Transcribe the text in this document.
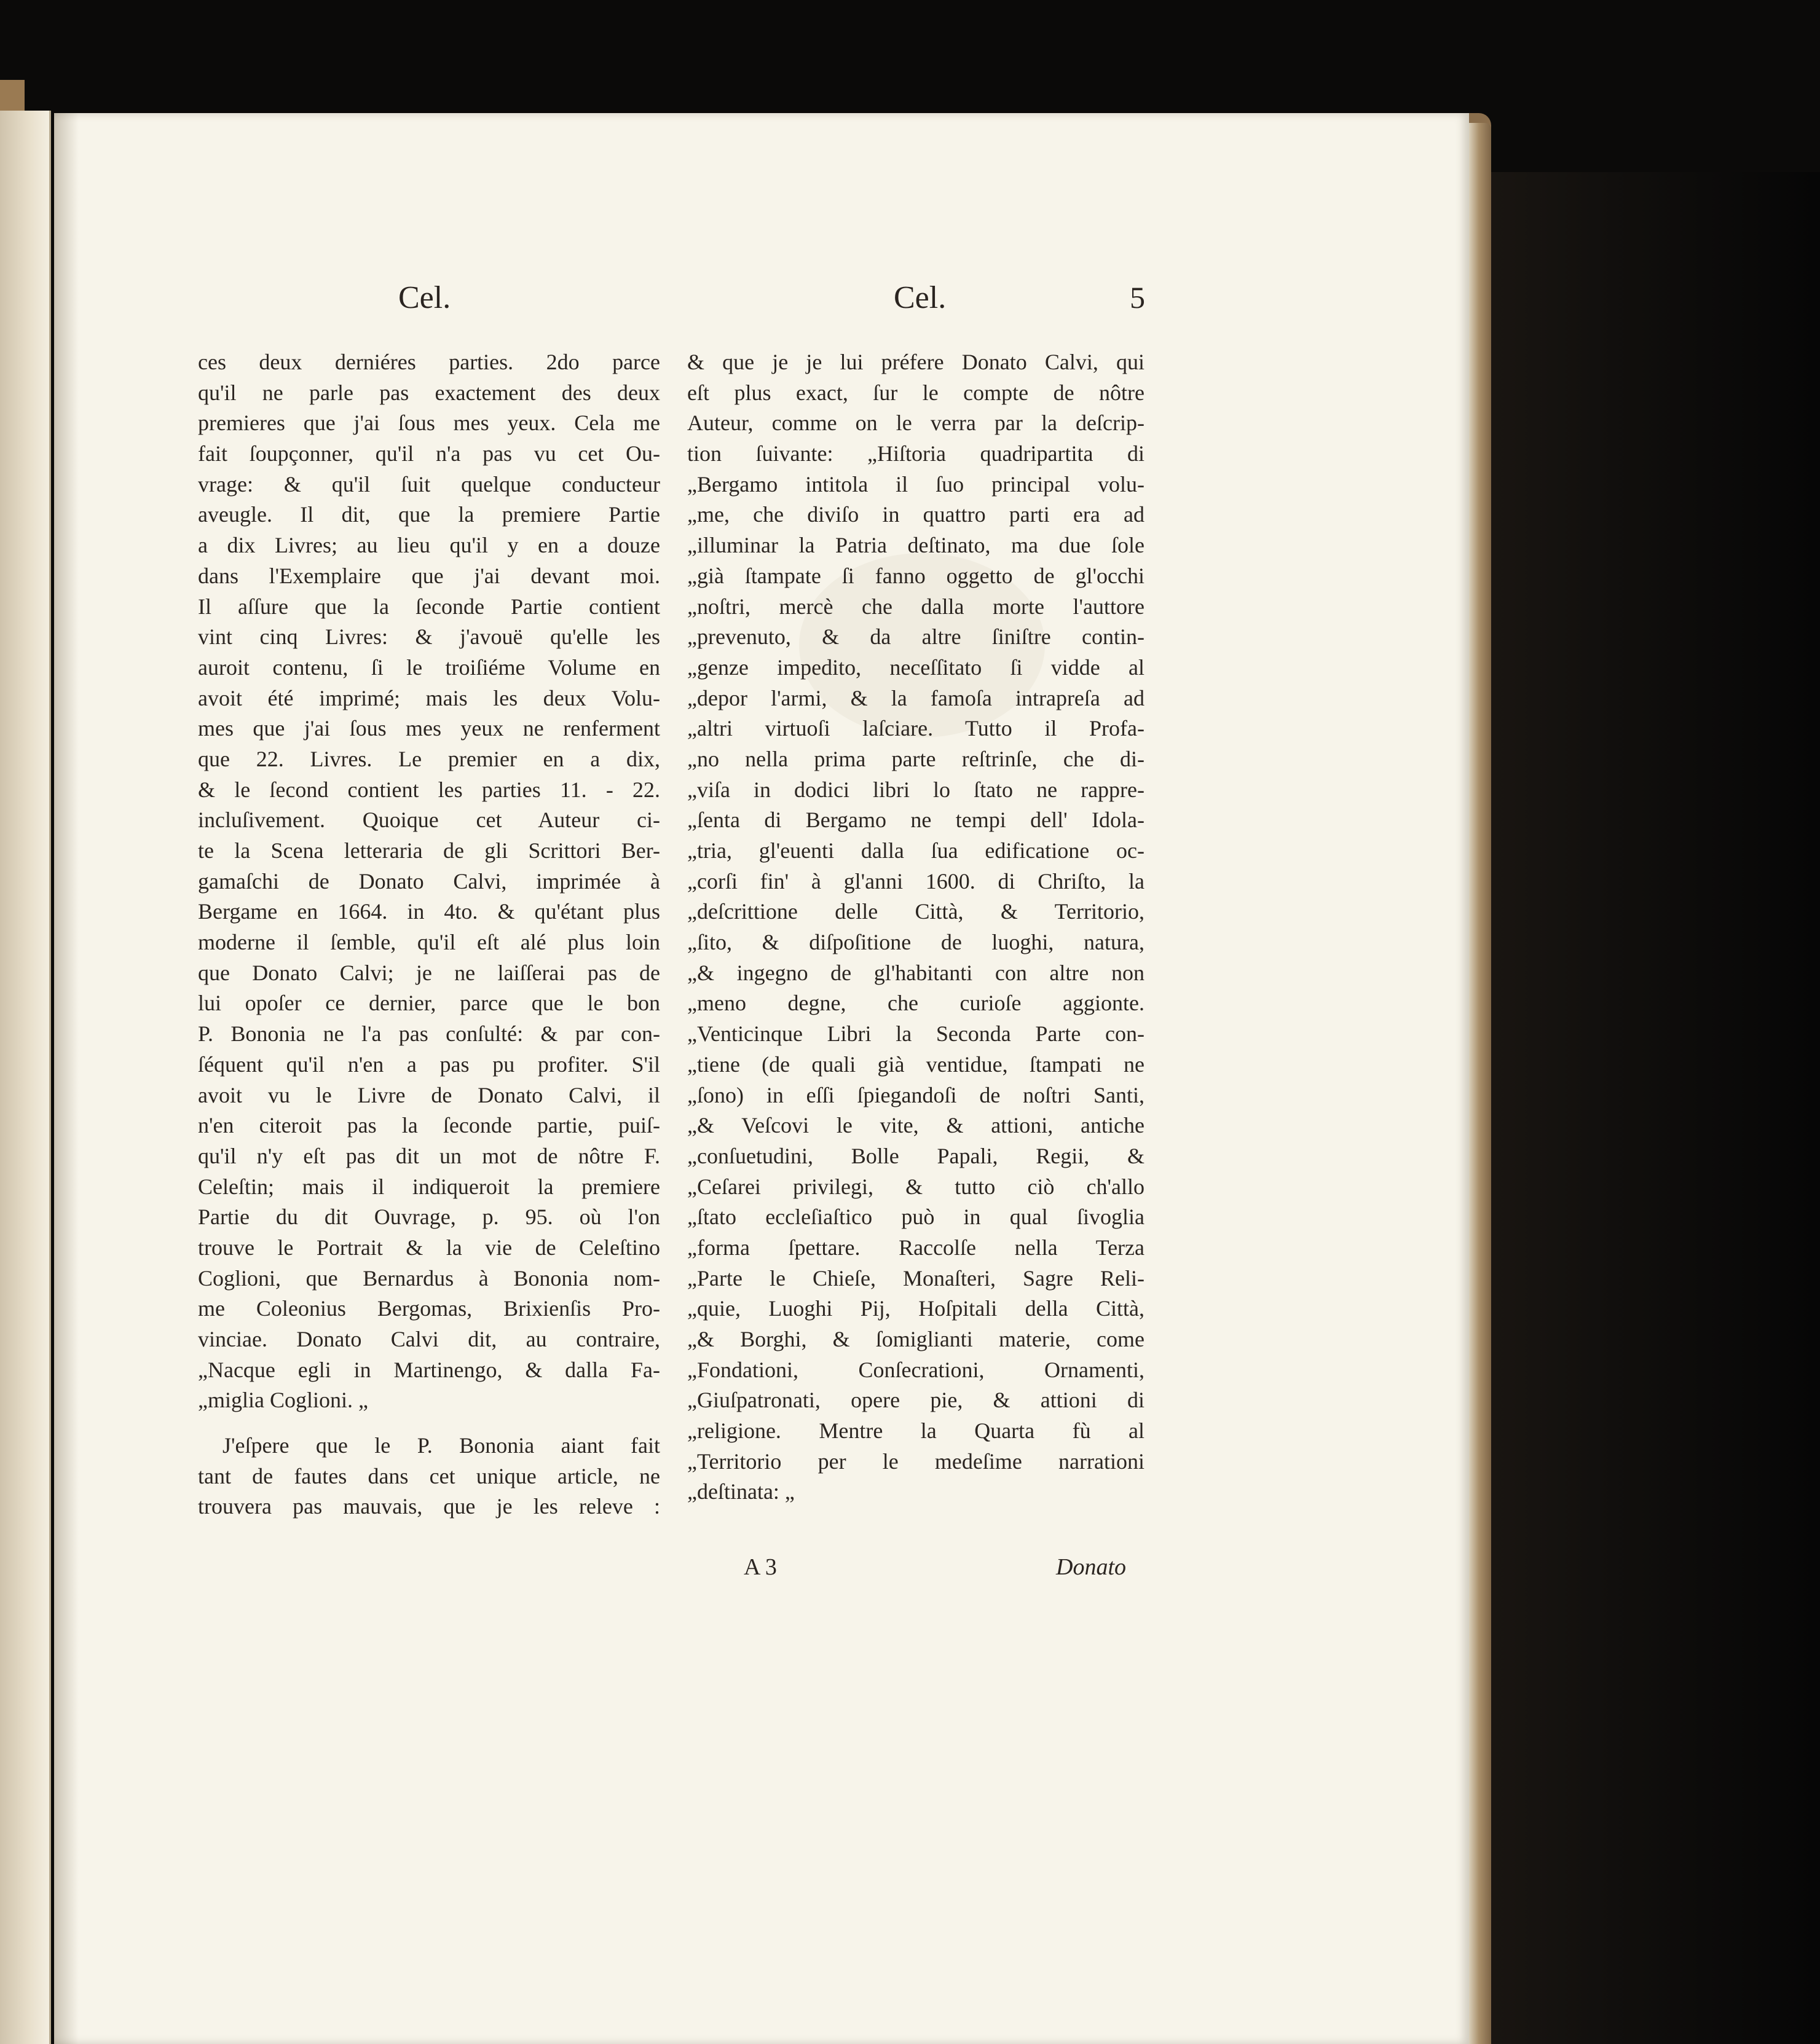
Cel.	Cel.	5
ces deux derniéres parties. 2do parce
qu'il ne parle pas exactement des deux
premieres que j'ai ſous mes yeux. Cela me
fait ſoupçonner, qu'il n'a pas vu cet Ou-
vrage: & qu'il ſuit quelque conducteur
aveugle. Il dit, que la premiere Partie
a dix Livres; au lieu qu'il y en a douze
dans l'Exemplaire que j'ai devant moi.
Il aſſure que la ſeconde Partie contient
vint cinq Livres: & j'avouë qu'elle les
auroit contenu, ſi le troiſiéme Volume en
avoit été imprimé; mais les deux Volu-
mes que j'ai ſous mes yeux ne renferment
que 22. Livres. Le premier en a dix,
& le ſecond contient les parties 11. - 22.
incluſivement. Quoique cet Auteur ci-
te la Scena letteraria de gli Scrittori Ber-
gamaſchi de Donato Calvi, imprimée à
Bergame en 1664. in 4to. & qu'étant plus
moderne il ſemble, qu'il eſt alé plus loin
que Donato Calvi; je ne laiſſerai pas de
lui opoſer ce dernier, parce que le bon
P. Bononia ne l'a pas conſulté: & par con-
ſéquent qu'il n'en a pas pu profiter. S'il
avoit vu le Livre de Donato Calvi, il
n'en citeroit pas la ſeconde partie, puiſ-
qu'il n'y eſt pas dit un mot de nôtre F.
Celeſtin; mais il indiqueroit la premiere
Partie du dit Ouvrage, p. 95. où l'on
trouve le Portrait & la vie de Celeſtino
Coglioni, que Bernardus à Bononia nom-
me Coleonius Bergomas, Brixienſis Pro-
vinciae. Donato Calvi dit, au contraire,
„Nacque egli in Martinengo, & dalla Fa-
„miglia Coglioni. „
J'eſpere que le P. Bononia aiant fait
tant de fautes dans cet unique article, ne
trouvera pas mauvais, que je les releve :
& que je je lui préfere Donato Calvi, qui
eſt plus exact, ſur le compte de nôtre
Auteur, comme on le verra par la deſcrip-
tion ſuivante: „Hiſtoria quadripartita di
„Bergamo intitola il ſuo principal volu-
„me, che diviſo in quattro parti era ad
„illuminar la Patria deſtinato, ma due ſole
„già ſtampate ſi fanno oggetto de gl'occhi
„noſtri, mercè che dalla morte l'auttore
„prevenuto, & da altre ſiniſtre contin-
„genze impedito, neceſſitato ſi vidde al
„depor l'armi, & la famoſa intrapreſa ad
„altri virtuoſi laſciare. Tutto il Profa-
„no nella prima parte reſtrinſe, che di-
„viſa in dodici libri lo ſtato ne rappre-
„ſenta di Bergamo ne tempi dell' Idola-
„tria, gl'euenti dalla ſua edificatione oc-
„corſi fin' à gl'anni 1600. di Chriſto, la
„deſcrittione delle Città, & Territorio,
„ſito, & diſpoſitione de luoghi, natura,
„& ingegno de gl'habitanti con altre non
„meno degne, che curioſe aggionte.
„Venticinque Libri la Seconda Parte con-
„tiene (de quali già ventidue, ſtampati ne
„ſono) in eſſi ſpiegandoſi de noſtri Santi,
„& Veſcovi le vite, & attioni, antiche
„conſuetudini, Bolle Papali, Regii, &
„Ceſarei privilegi, & tutto ciò ch'allo
„ſtato eccleſiaſtico può in qual ſivoglia
„forma ſpettare. Raccolſe nella Terza
„Parte le Chieſe, Monaſteri, Sagre Reli-
„quie, Luoghi Pij, Hoſpitali della Città,
„& Borghi, & ſomiglianti materie, come
„Fondationi, Conſecrationi, Ornamenti,
„Giuſpatronati, opere pie, & attioni di
„religione. Mentre la Quarta fù al
„Territorio per le medeſime narrationi
„deſtinata: „
A 3	Donato
